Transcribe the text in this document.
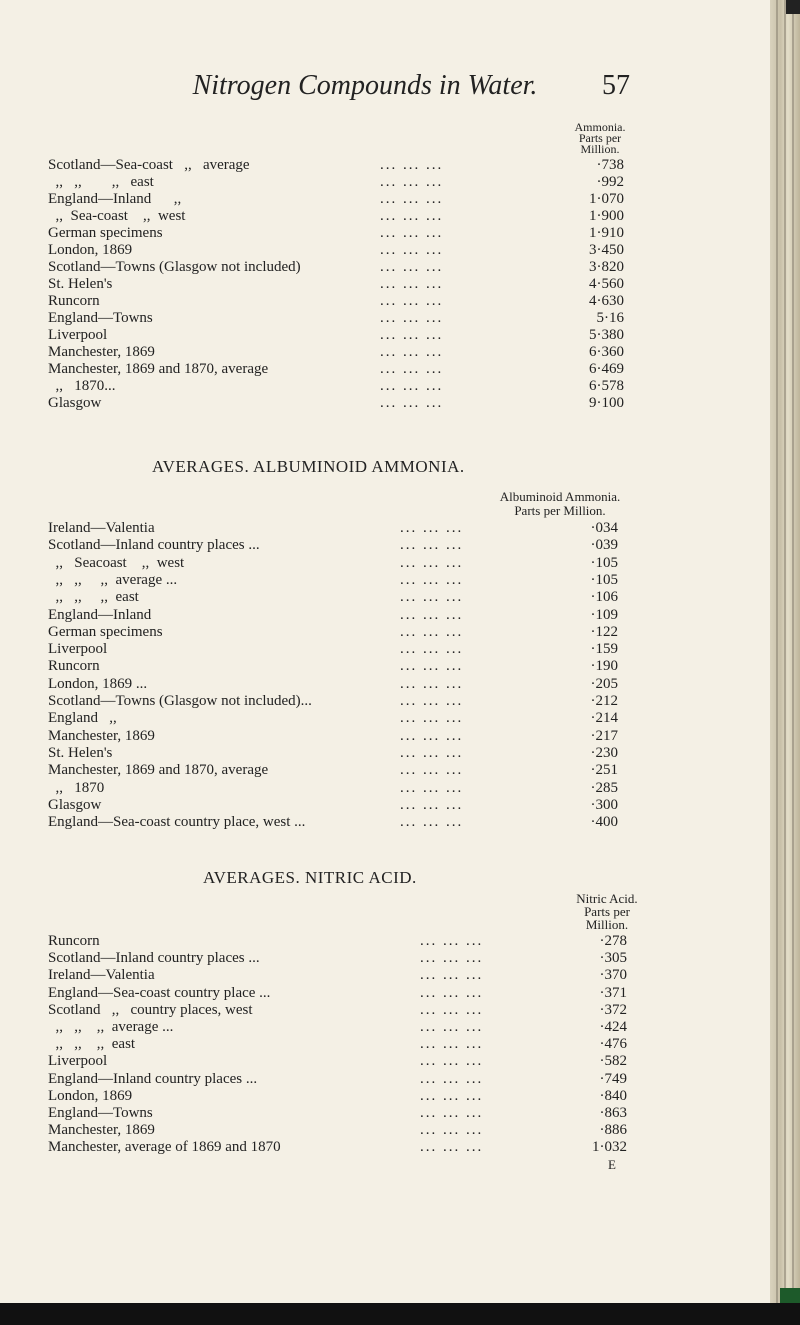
Nitrogen Compounds in Water.	57
Ammonia.
Parts per
Million.
Scotland—Sea-coast   ,,   average	... ... ...	·738
,,   ,,        ,,   east	... ... ...	·992
England—Inland      ,,	... ... ...	1·070
,,  Sea-coast    ,,  west	... ... ...	1·900
German specimens	... ... ...	1·910
London, 1869	... ... ...	3·450
Scotland—Towns (Glasgow not included)	... ... ...	3·820
St. Helen's	... ... ...	4·560
Runcorn	... ... ...	4·630
England—Towns	... ... ...	5·16
Liverpool	... ... ...	5·380
Manchester, 1869	... ... ...	6·360
Manchester, 1869 and 1870, average	... ... ...	6·469
,,   1870...	... ... ...	6·578
Glasgow	... ... ...	9·100
AVERAGES. ALBUMINOID AMMONIA.
Albuminoid Ammonia.
Parts per Million.
Ireland—Valentia	... ... ...	·034
Scotland—Inland country places ...	... ... ...	·039
,,   Seacoast    ,,  west	... ... ...	·105
,,   ,,     ,,  average ...	... ... ...	·105
,,   ,,     ,,  east	... ... ...	·106
England—Inland	... ... ...	·109
German specimens	... ... ...	·122
Liverpool	... ... ...	·159
Runcorn	... ... ...	·190
London, 1869 ...	... ... ...	·205
Scotland—Towns (Glasgow not included)...	... ... ...	·212
England   ,,	... ... ...	·214
Manchester, 1869	... ... ...	·217
St. Helen's	... ... ...	·230
Manchester, 1869 and 1870, average	... ... ...	·251
,,   1870	... ... ...	·285
Glasgow	... ... ...	·300
England—Sea-coast country place, west ...	... ... ...	·400
AVERAGES. NITRIC ACID.
Nitric Acid.
Parts per
Million.
Runcorn	... ... ...	·278
Scotland—Inland country places ...	... ... ...	·305
Ireland—Valentia	... ... ...	·370
England—Sea-coast country place ...	... ... ...	·371
Scotland   ,,   country places, west	... ... ...	·372
,,   ,,    ,,  average ...	... ... ...	·424
,,   ,,    ,,  east	... ... ...	·476
Liverpool	... ... ...	·582
England—Inland country places ...	... ... ...	·749
London, 1869	... ... ...	·840
England—Towns	... ... ...	·863
Manchester, 1869	... ... ...	·886
Manchester, average of 1869 and 1870	... ... ...	1·032
E
